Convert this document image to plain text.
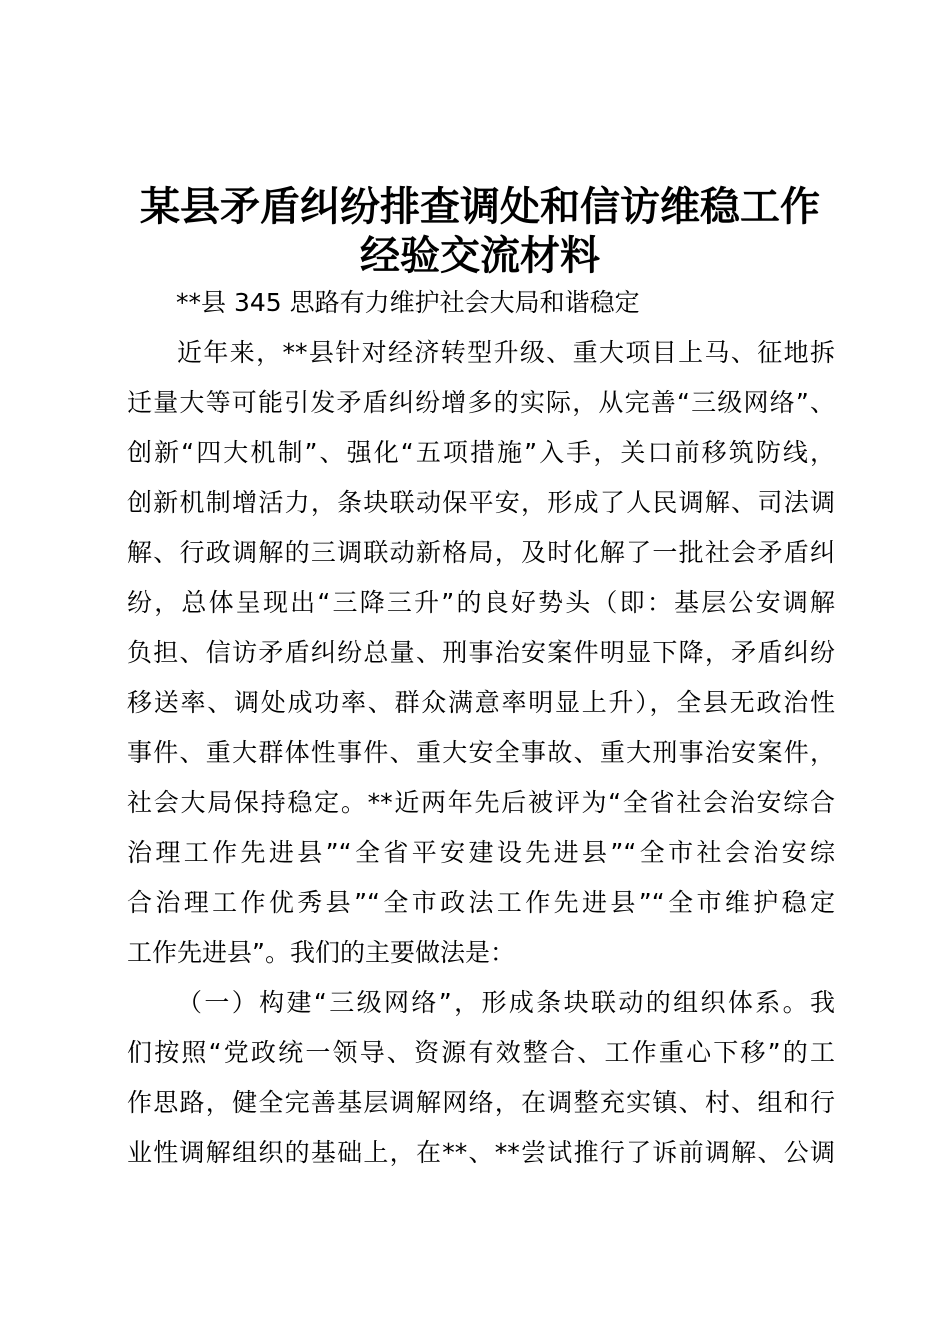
某县矛盾纠纷排查调处和信访维稳工作
经验交流材料
**县 345 思路有力维护社会大局和谐稳定
近年来，**县针对经济转型升级、重大项目上马、征地拆
迁量大等可能引发矛盾纠纷增多的实际，从完善“三级网络”、
创新“四大机制”、强化“五项措施”入手，关口前移筑防线，
创新机制增活力，条块联动保平安，形成了人民调解、司法调
解、行政调解的三调联动新格局，及时化解了一批社会矛盾纠
纷，总体呈现出“三降三升”的良好势头（即：基层公安调解
负担、信访矛盾纠纷总量、刑事治安案件明显下降，矛盾纠纷
移送率、调处成功率、群众满意率明显上升），全县无政治性
事件、重大群体性事件、重大安全事故、重大刑事治安案件，
社会大局保持稳定。**近两年先后被评为“全省社会治安综合
治理工作先进县”“全省平安建设先进县”“全市社会治安综
合治理工作优秀县”“全市政法工作先进县”“全市维护稳定
工作先进县”。我们的主要做法是：
（一）构建“三级网络”，形成条块联动的组织体系。我
们按照“党政统一领导、资源有效整合、工作重心下移”的工
作思路，健全完善基层调解网络，在调整充实镇、村、组和行
业性调解组织的基础上，在**、**尝试推行了诉前调解、公调
